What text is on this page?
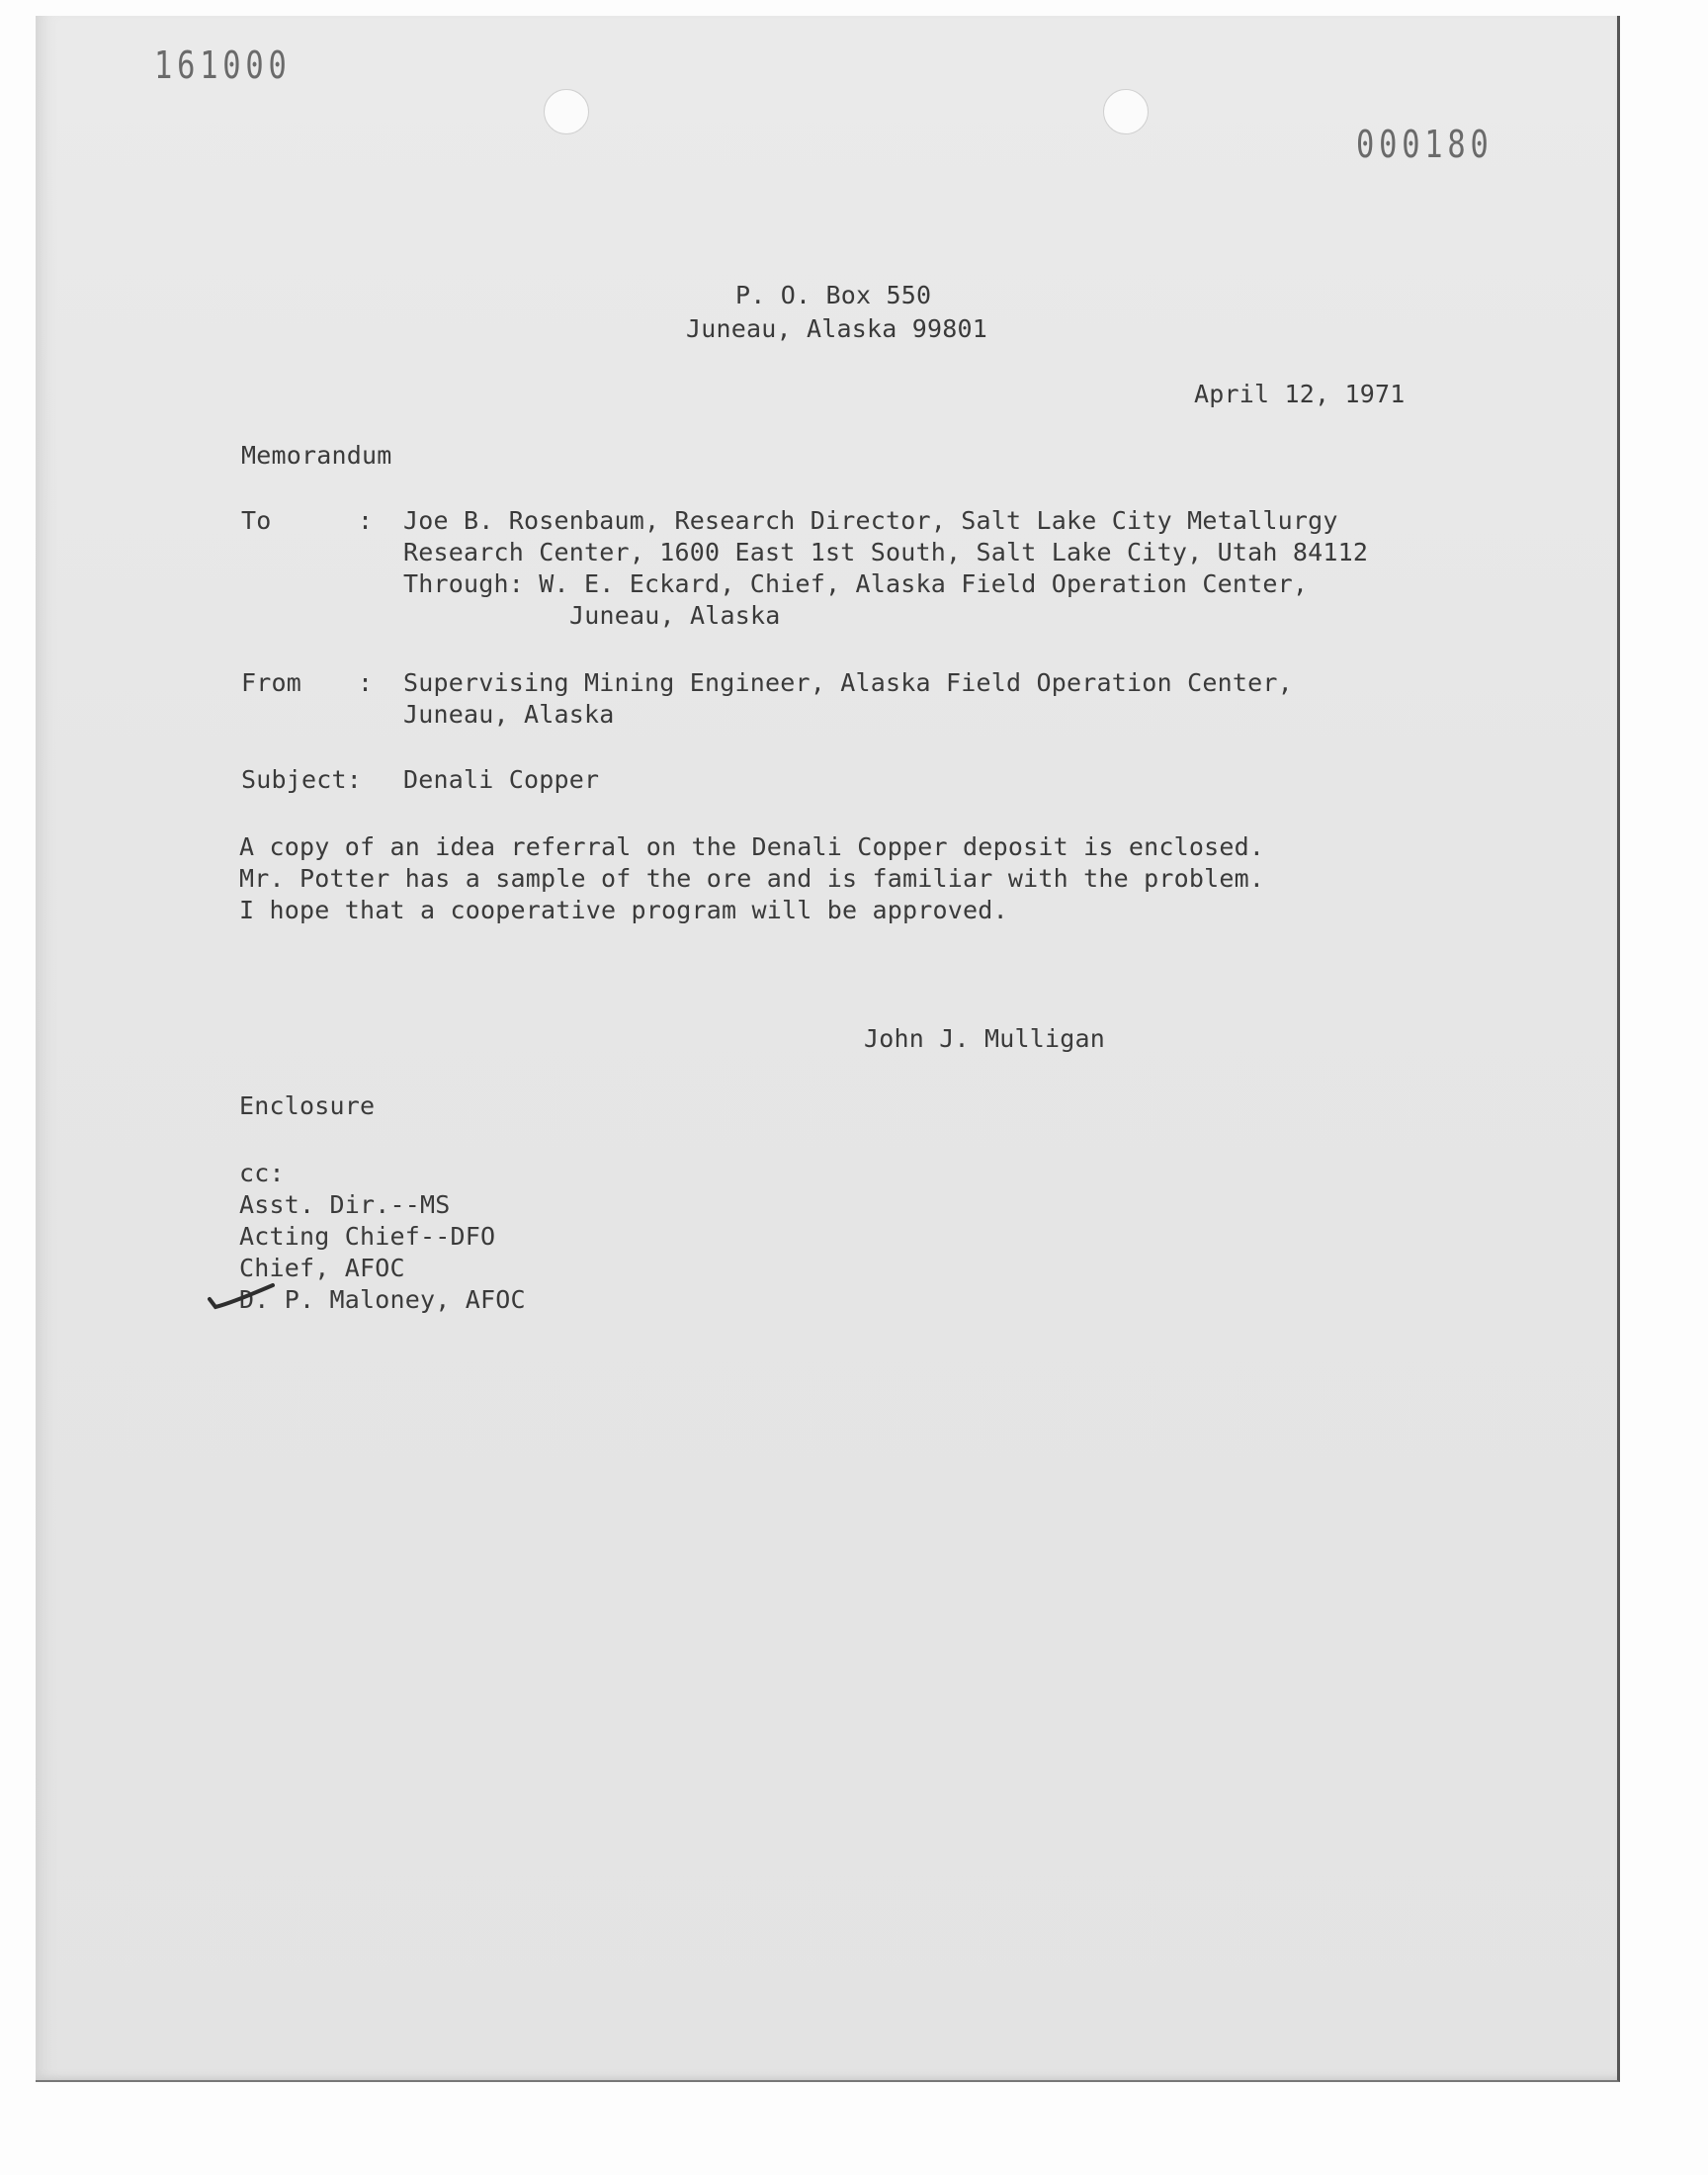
161000
000180
P. O. Box 550
Juneau, Alaska 99801
April 12, 1971
Memorandum
To	: Joe B. Rosenbaum, Research Director, Salt Lake City Metallurgy
Research Center, 1600 East 1st South, Salt Lake City, Utah 84112
Through: W. E. Eckard, Chief, Alaska Field Operation Center,
Juneau, Alaska
From : Supervising Mining Engineer, Alaska Field Operation Center,
Juneau, Alaska
Subject: Denali Copper
A copy of an idea referral on the Denali Copper deposit is enclosed.
Mr. Potter has a sample of the ore and is familiar with the problem.
I hope that a cooperative program will be approved.
John J. Mulligan
Enclosure
cc:
Asst. Dir.--MS
Acting Chief--DFO
Chief, AFOC
D. P. Maloney, AFOC
